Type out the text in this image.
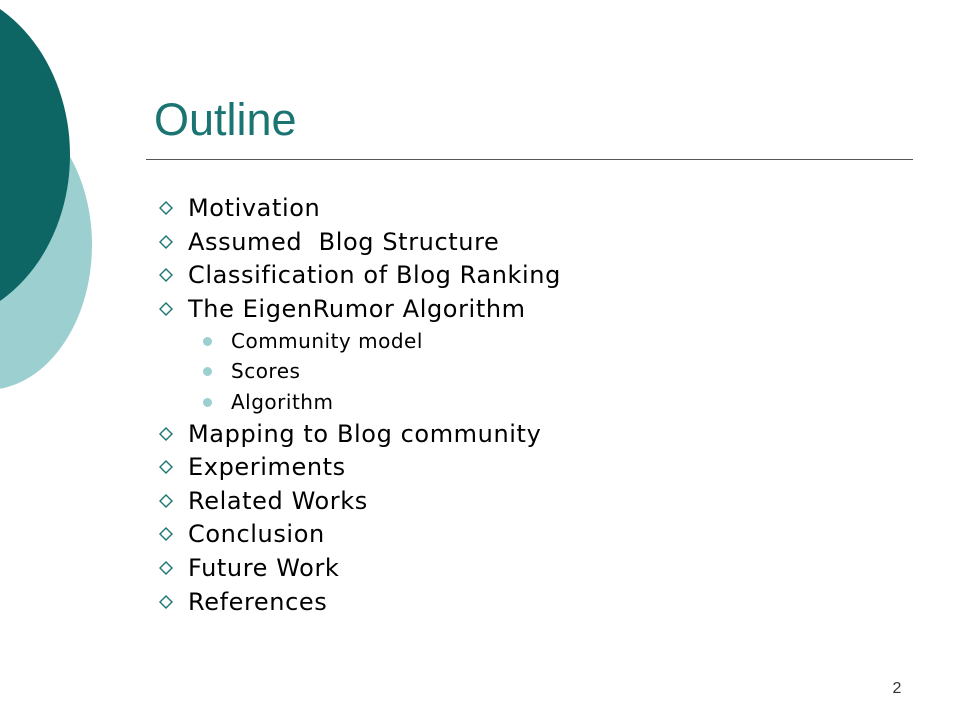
Outline
Motivation
Assumed  Blog Structure
Classification of Blog Ranking
The EigenRumor Algorithm
Community model
Scores
Algorithm
Mapping to Blog community
Experiments
Related Works
Conclusion
Future Work
References
2
